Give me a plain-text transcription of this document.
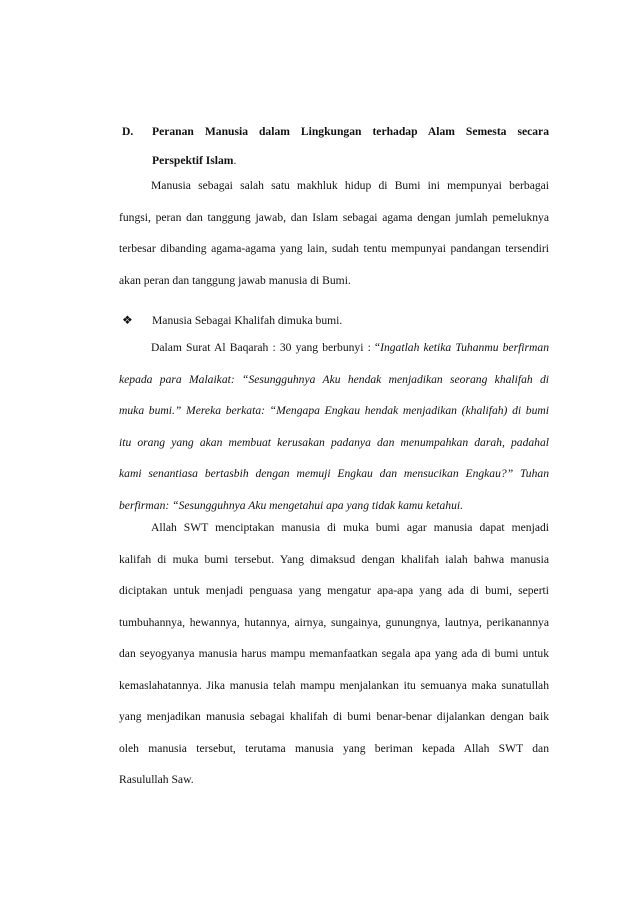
D. Peranan Manusia dalam Lingkungan terhadap Alam Semesta secara
Perspektif Islam.
Manusia sebagai salah satu makhluk hidup di Bumi ini mempunyai berbagai
fungsi, peran dan tanggung jawab, dan Islam sebagai agama dengan jumlah pemeluknya
terbesar dibanding agama-agama yang lain, sudah tentu mempunyai pandangan tersendiri
akan peran dan tanggung jawab manusia di Bumi.
❖ Manusia Sebagai Khalifah dimuka bumi.
Dalam Surat Al Baqarah : 30 yang berbunyi : “Ingatlah ketika Tuhanmu berfirman
kepada para Malaikat: “Sesungguhnya Aku hendak menjadikan seorang khalifah di
muka bumi.” Mereka berkata: “Mengapa Engkau hendak menjadikan (khalifah) di bumi
itu orang yang akan membuat kerusakan padanya dan menumpahkan darah, padahal
kami senantiasa bertasbih dengan memuji Engkau dan mensucikan Engkau?” Tuhan
berfirman: “Sesungguhnya Aku mengetahui apa yang tidak kamu ketahui.
Allah SWT menciptakan manusia di muka bumi agar manusia dapat menjadi
kalifah di muka bumi tersebut. Yang dimaksud dengan khalifah ialah bahwa manusia
diciptakan untuk menjadi penguasa yang mengatur apa-apa yang ada di bumi, seperti
tumbuhannya, hewannya, hutannya, airnya, sungainya, gunungnya, lautnya, perikanannya
dan seyogyanya manusia harus mampu memanfaatkan segala apa yang ada di bumi untuk
kemaslahatannya. Jika manusia telah mampu menjalankan itu semuanya maka sunatullah
yang menjadikan manusia sebagai khalifah di bumi benar-benar dijalankan dengan baik
oleh manusia tersebut, terutama manusia yang beriman kepada Allah SWT dan
Rasulullah Saw.
